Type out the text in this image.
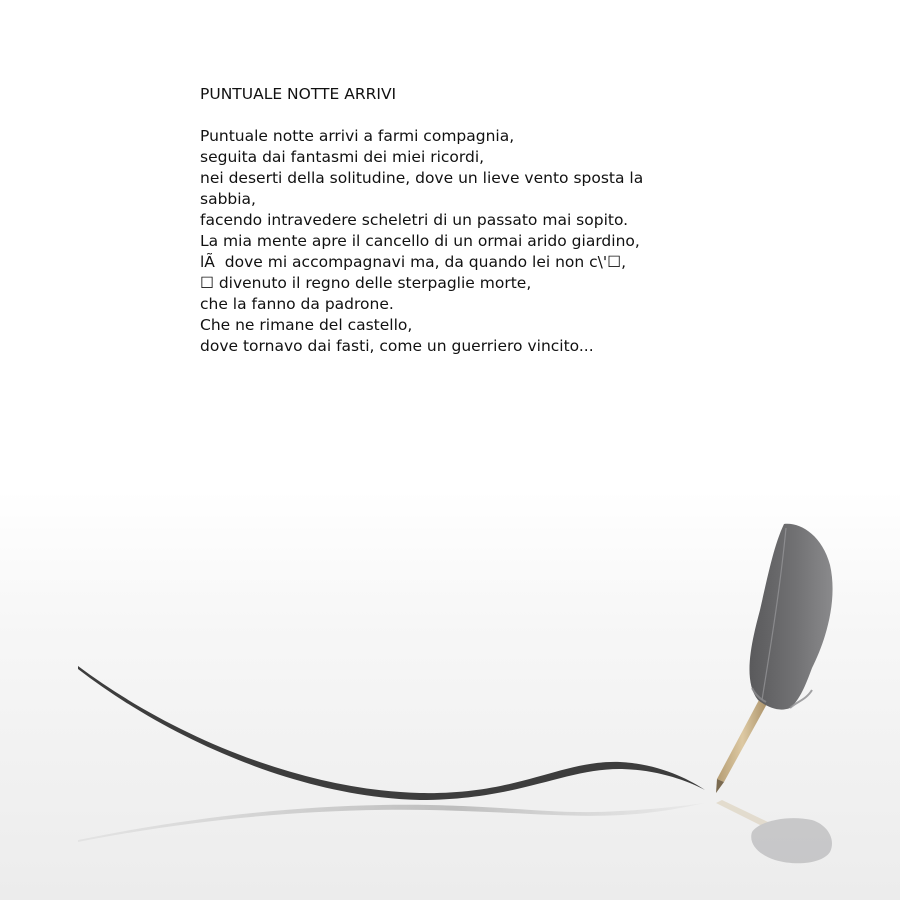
PUNTUALE NOTTE ARRIVI
Puntuale notte arrivi a farmi compagnia,
seguita dai fantasmi dei miei ricordi,
nei deserti della solitudine, dove un lieve vento sposta la sabbia,
facendo intravedere scheletri di un passato mai sopito.
La mia mente apre il cancello di un ormai arido giardino,
lÃ  dove mi accompagnavi ma, da quando lei non c\'☐,
☐ divenuto il regno delle sterpaglie morte,
che la fanno da padrone.
Che ne rimane del castello,
dove tornavo dai fasti, come un guerriero vincito...
